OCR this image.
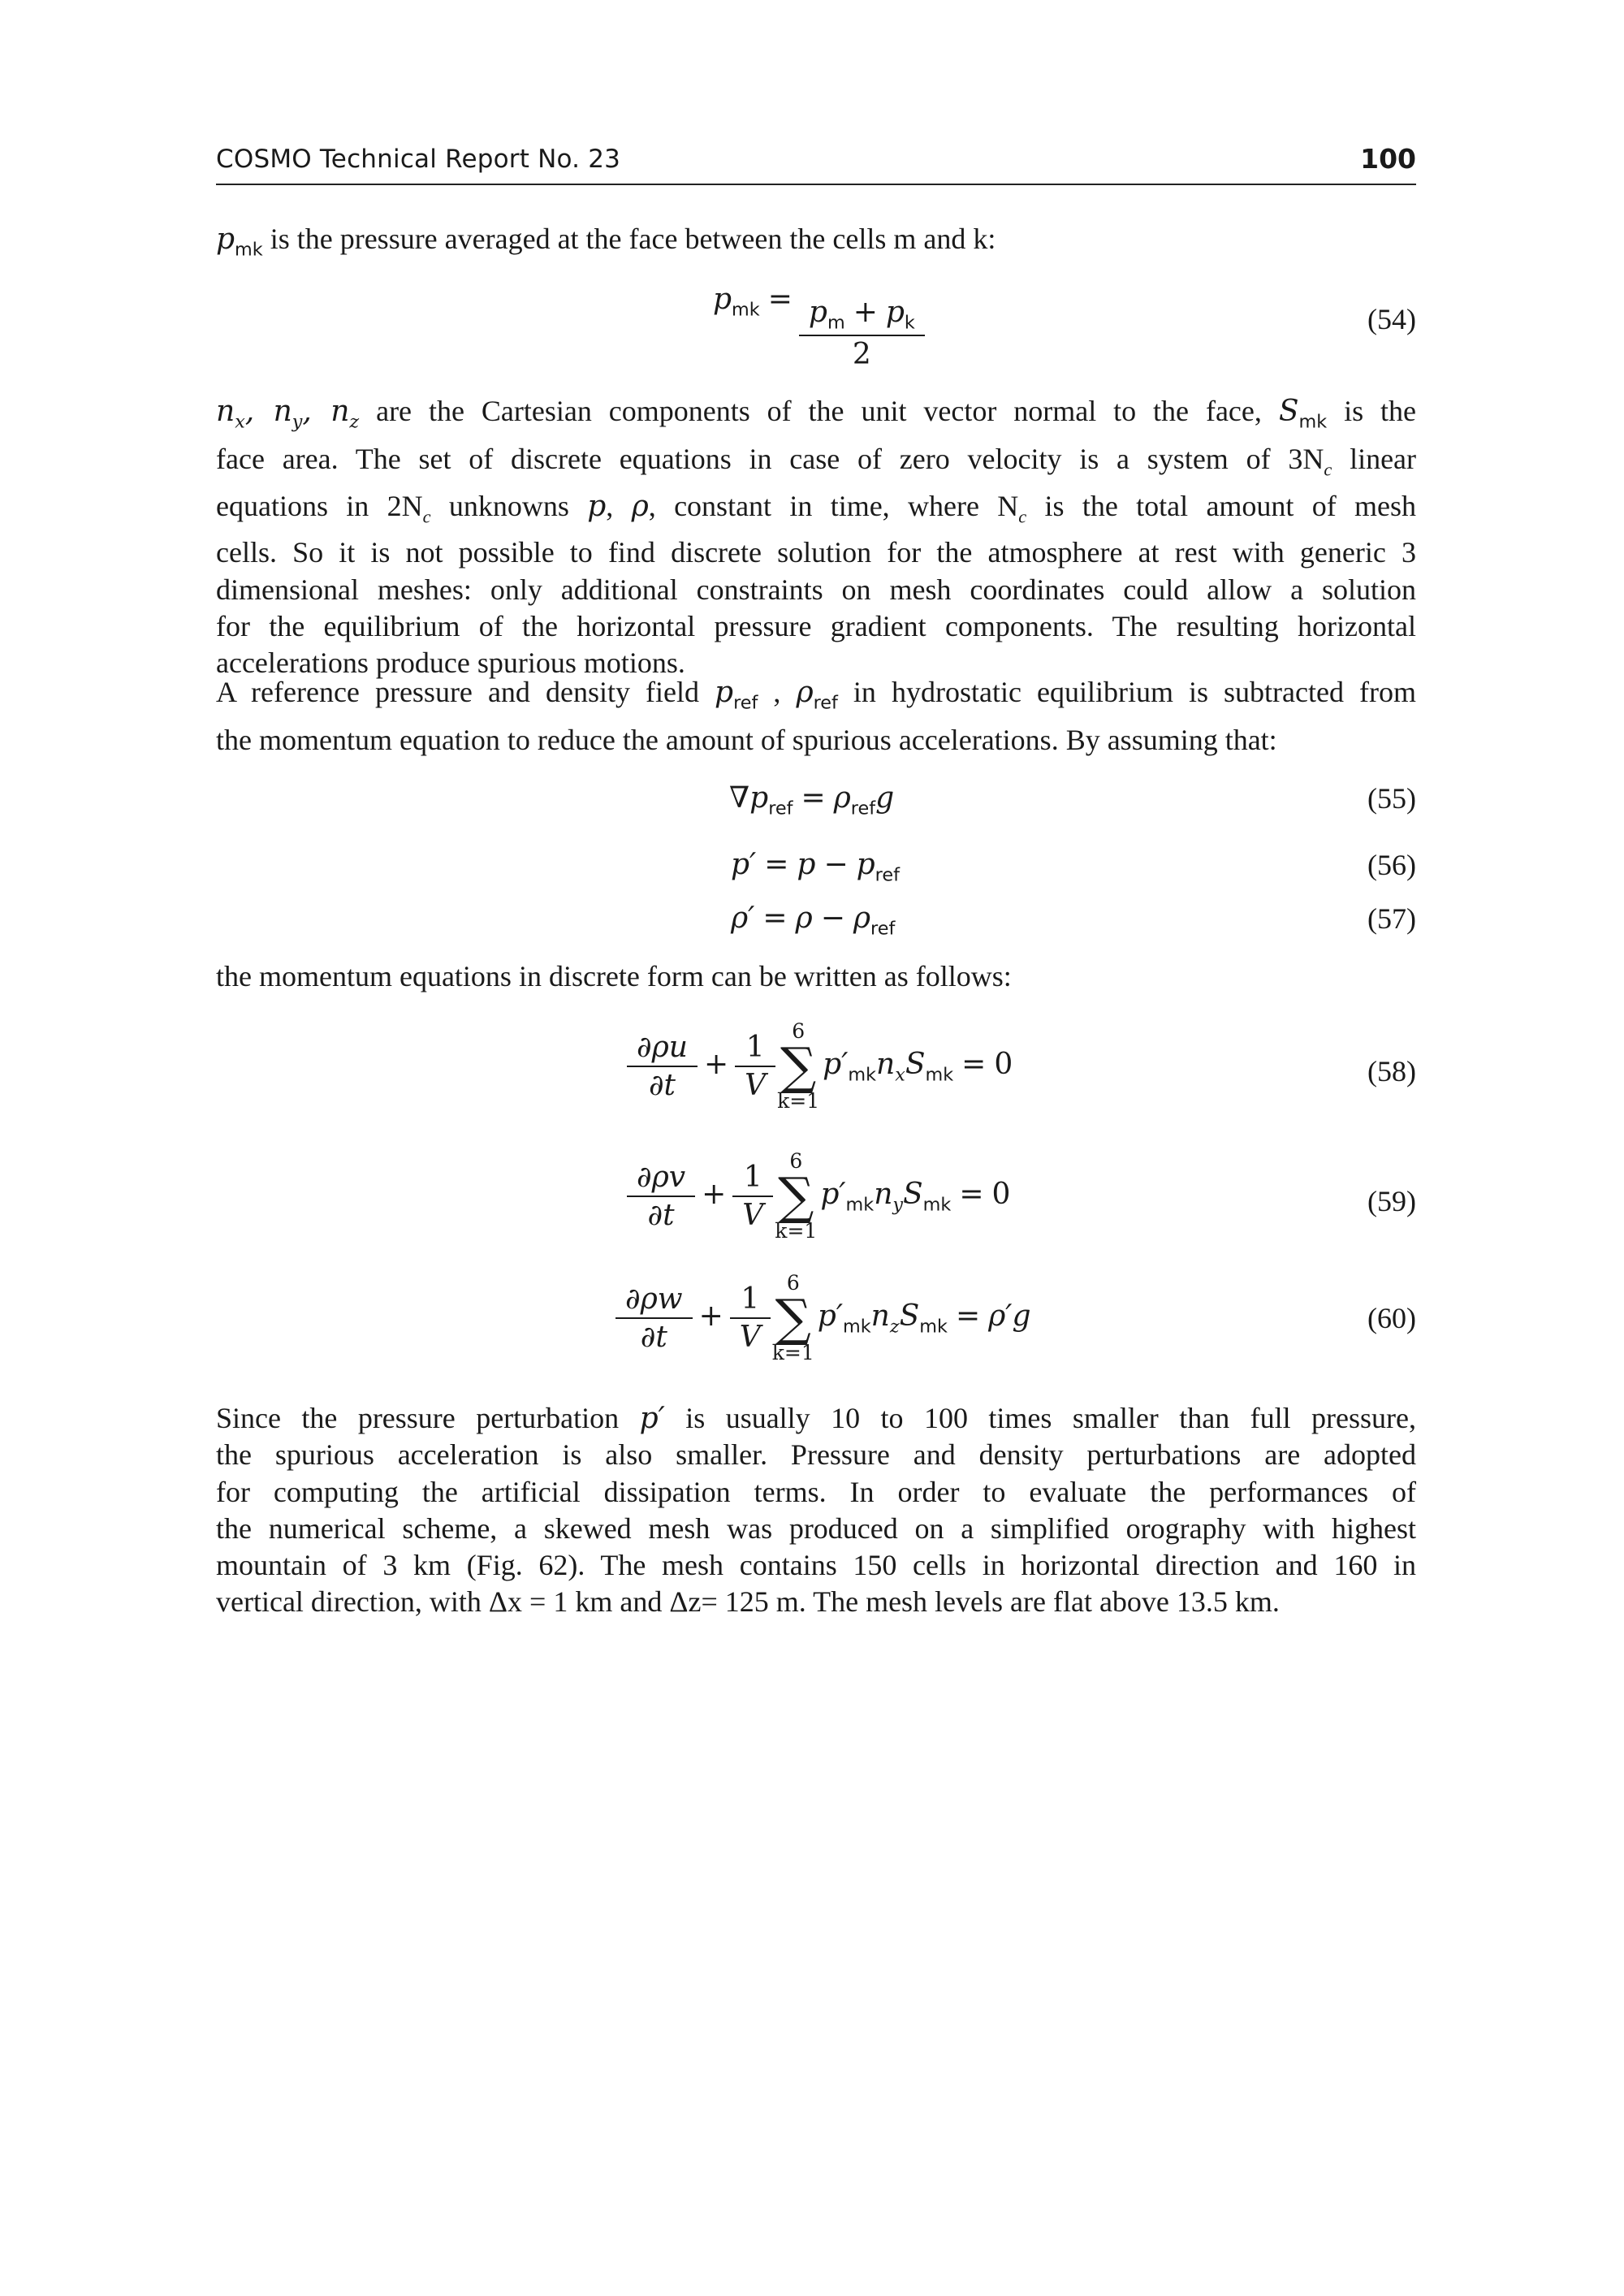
COSMO Technical Report No. 23	100
$p_{mk}$ is the pressure averaged at the face between the cells m and k:
$p_{mk} = \frac{p_m + p_k}{2}$	(54)
$n_x$, $n_y$, $n_z$ are the Cartesian components of the unit vector normal to the face, $S_{mk}$ is the
face area. The set of discrete equations in case of zero velocity is a system of $3N_c$ linear
equations in $2N_c$ unknowns p, ρ, constant in time, where $N_c$ is the total amount of mesh
cells. So it is not possible to find discrete solution for the atmosphere at rest with generic 3
dimensional meshes: only additional constraints on mesh coordinates could allow a solution
for the equilibrium of the horizontal pressure gradient components. The resulting horizontal
accelerations produce spurious motions.
A reference pressure and density field $p_{ref}$ , $\rho_{ref}$ in hydrostatic equilibrium is subtracted from
the momentum equation to reduce the amount of spurious accelerations. By assuming that:
$\nabla p_{ref} = \rho_{ref}g$	(55)
$p' = p - p_{ref}$	(56)
$\rho' = \rho - \rho_{ref}$	(57)
the momentum equations in discrete form can be written as follows:
$\frac{\partial\rho u}{\partial t} + \frac{1}{V} 6$
∑
k=1
$p'_{mk}n_xS_{mk} = 0$	(58)
$\frac{\partial\rho v}{\partial t} + \frac{1}{V} 6$
∑
k=1
$p'_{mk}n_yS_{mk} = 0$	(59)
$\frac{\partial\rho w}{\partial t} + \frac{1}{V} 6$
∑
k=1
$p'_{mk}n_zS_{mk} = \rho'g$	(60)
Since the pressure perturbation p′ is usually 10 to 100 times smaller than full pressure,
the spurious acceleration is also smaller. Pressure and density perturbations are adopted
for computing the artificial dissipation terms. In order to evaluate the performances of
the numerical scheme, a skewed mesh was produced on a simplified orography with highest
mountain of 3 km (Fig. 62). The mesh contains 150 cells in horizontal direction and 160 in
vertical direction, with Δx = 1 km and Δz= 125 m. The mesh levels are flat above 13.5 km.
